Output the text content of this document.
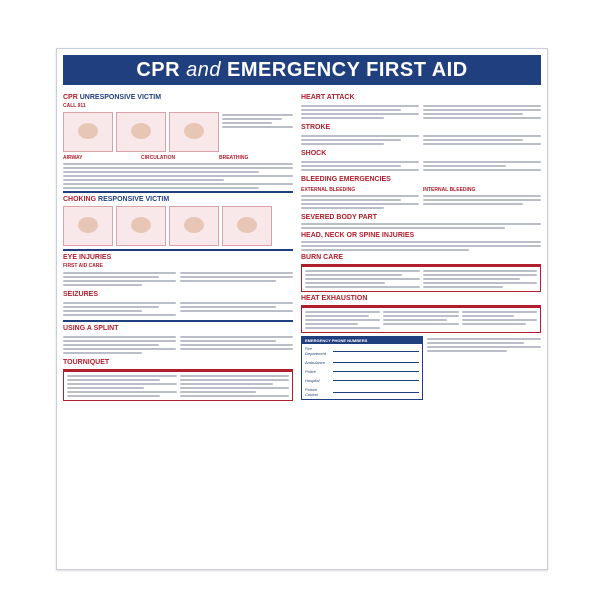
CPR and EMERGENCY FIRST AID
CPR UNRESPONSIVE VICTIM
CALL 911
AIRWAY	CIRCULATION	BREATHING
CHOKING RESPONSIVE VICTIM
EYE INJURIES
FIRST AID CARE
SEIZURES
USING A SPLINT
TOURNIQUET
HEART ATTACK
STROKE
SHOCK
BLEEDING EMERGENCIES
EXTERNAL BLEEDING	INTERNAL BLEEDING
SEVERED BODY PART
HEAD, NECK OR SPINE INJURIES
BURN CARE
HEAT EXHAUSTION
EMERGENCY PHONE NUMBERS
Fire Department
Ambulance
Police
Hospital
Poison Control
